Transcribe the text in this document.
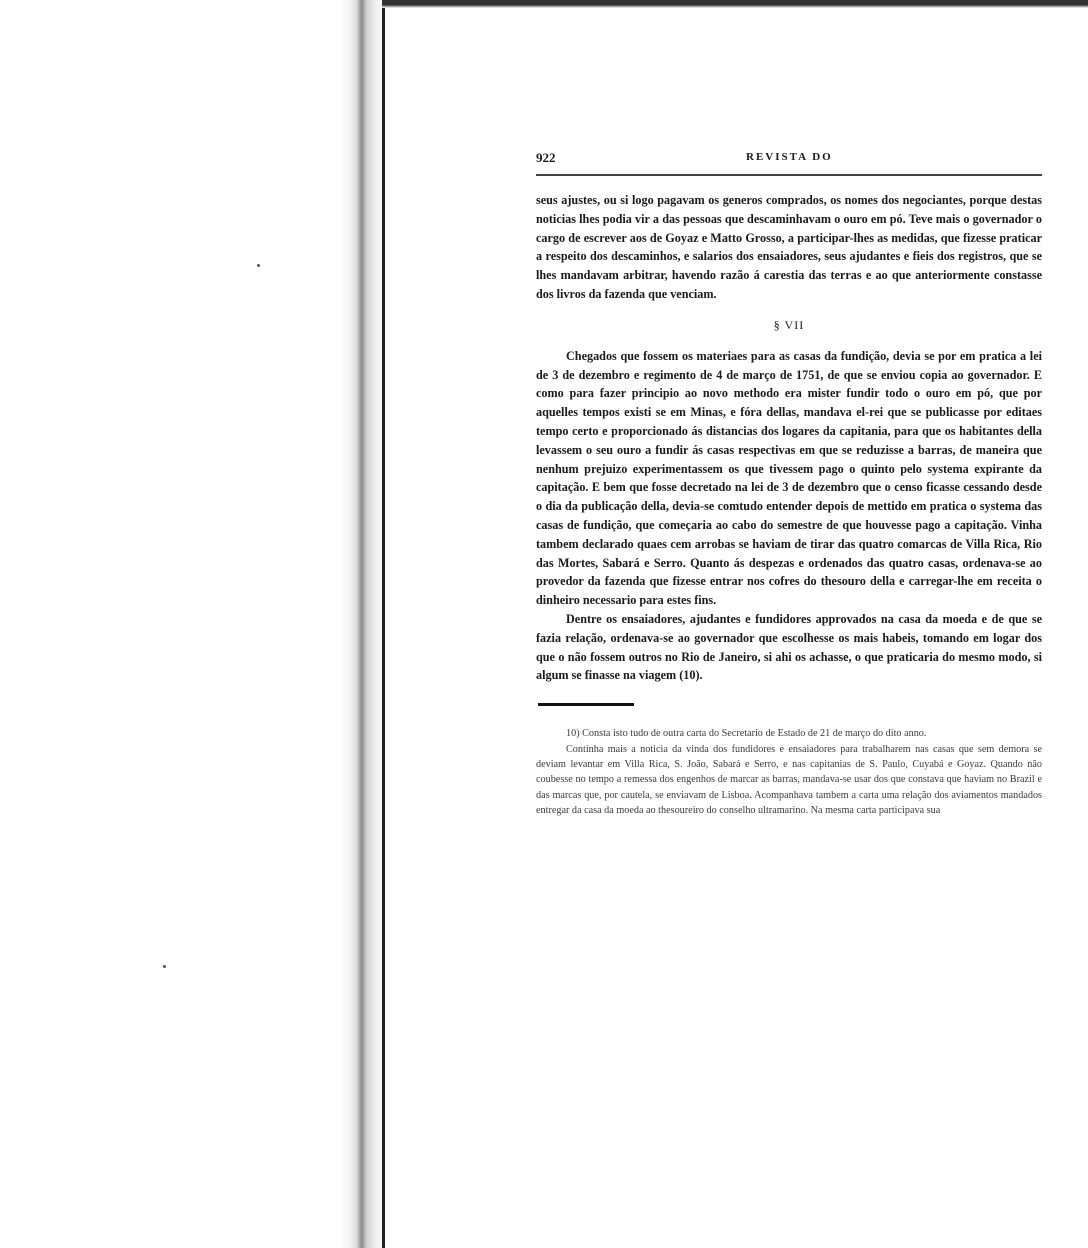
922	REVISTA DO

seus ajustes, ou si logo pagavam os generos comprados, os nomes dos negociantes, porque destas noticias lhes podia vir a das pessoas que descaminhavam o ouro em pó. Teve mais o governador o cargo de escrever aos de Goyaz e Matto Grosso, a participar-lhes as medidas, que fizesse praticar a respeito dos descaminhos, e salarios dos ensaiadores, seus ajudantes e fieis dos registros, que se lhes mandavam arbitrar, havendo razão á carestia das terras e ao que anteriormente constasse dos livros da fazenda que venciam.

§ VII

Chegados que fossem os materiaes para as casas da fundição, devia se por em pratica a lei de 3 de dezembro e regimento de 4 de março de 1751, de que se enviou copia ao governador. E como para fazer principio ao novo methodo era mister fundir todo o ouro em pó, que por aquelles tempos existi se em Minas, e fóra dellas, mandava el-rei que se publicasse por editaes tempo certo e proporcionado ás distancias dos logares da capitania, para que os habitantes della levassem o seu ouro a fundir ás casas respectivas em que se reduzisse a barras, de maneira que nenhum prejuizo experimentassem os que tivessem pago o quinto pelo systema expirante da capitação. E bem que fosse decretado na lei de 3 de dezembro que o censo ficasse cessando desde o dia da publicação della, devia-se comtudo entender depois de mettido em pratica o systema das casas de fundição, que começaria ao cabo do semestre de que houvesse pago a capitação. Vinha tambem declarado quaes cem arrobas se haviam de tirar das quatro comarcas de Villa Rica, Rio das Mortes, Sabará e Serro. Quanto ás despezas e ordenados das quatro casas, ordenava-se ao provedor da fazenda que fizesse entrar nos cofres do thesouro della e carregar-lhe em receita o dinheiro necessario para estes fins.

Dentre os ensaiadores, ajudantes e fundidores approvados na casa da moeda e de que se fazia relação, ordenava-se ao governador que escolhesse os mais habeis, tomando em logar dos que o não fossem outros no Rio de Janeiro, si ahi os achasse, o que praticaria do mesmo modo, si algum se finasse na viagem (10).

10) Consta isto tudo de outra carta do Secretario de Estado de 21 de março do dito anno.

Continha mais a noticia da vinda dos fundidores e ensaiadores para trabalharem nas casas que sem demora se deviam levantar em Villa Rica, S. João, Sabará e Serro, e nas capitanias de S. Paulo, Cuyabá e Goyaz. Quando não coubesse no tempo a remessa dos engenhos de marcar as barras, mandava-se usar dos que constava que haviam no Brazil e das marcas que, por cautela, se enviavam de Lisboa. Acompanhava tambem a carta uma relação dos aviamentos mandados entregar da casa da moeda ao thesoureiro do conselho ultramarino. Na mesma carta participava sua
